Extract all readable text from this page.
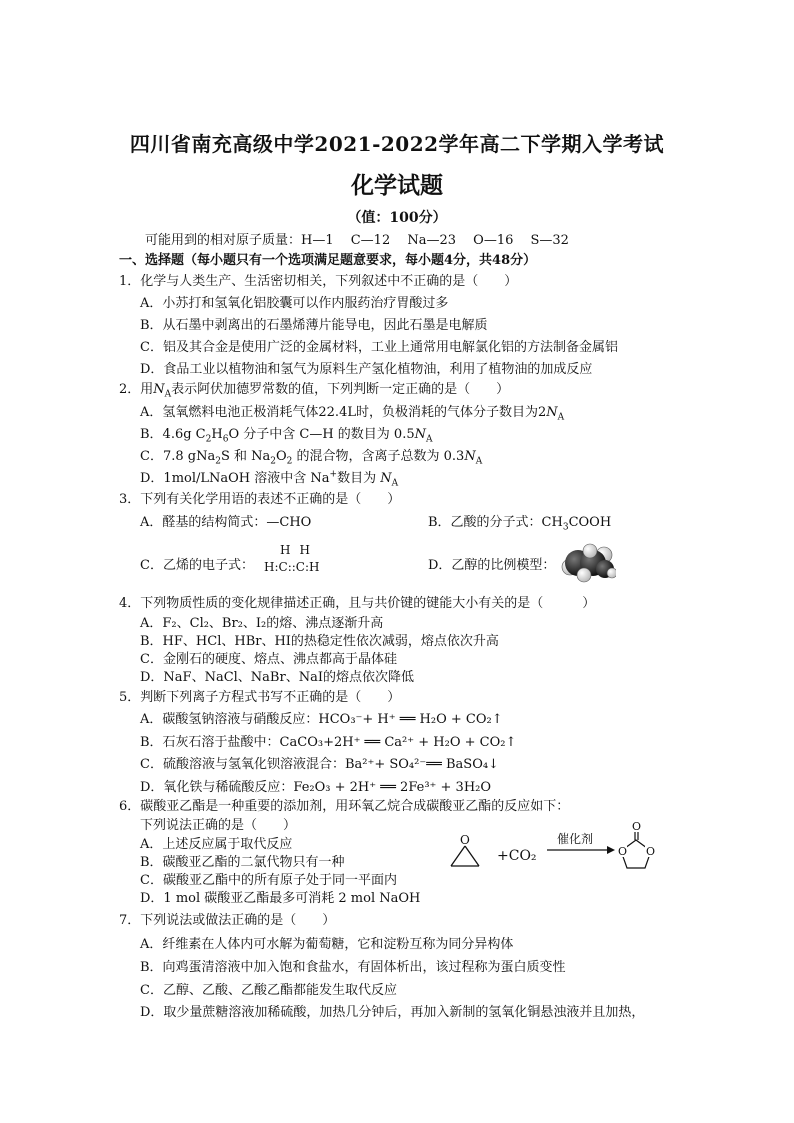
四川省南充高级中学2021-2022学年高二下学期入学考试
化学试题
（值：100分）
可能用到的相对原子质量：H—1　 C—12　 Na—23　 O—16　 S—32
一、选择题（每小题只有一个选项满足题意要求，每小题4分，共48分）
1．化学与人类生产、生活密切相关，下列叙述中不正确的是（　　）
A．小苏打和氢氧化铝胶囊可以作内服药治疗胃酸过多
B．从石墨中剥离出的石墨烯薄片能导电，因此石墨是电解质
C．铝及其合金是使用广泛的金属材料，工业上通常用电解氯化铝的方法制备金属铝
D．食品工业以植物油和氢气为原料生产氢化植物油，利用了植物油的加成反应
2．用$N_A$表示阿伏加德罗常数的值，下列判断一定正确的是（　　）
A．氢氧燃料电池正极消耗气体22.4L时，负极消耗的气体分子数目为$2N_A$
B．4.6g $C_2H_6O$ 分子中含 C—H 的数目为 $0.5N_A$
C．7.8 gNa$_2$S 和 $Na_2O_2$ 的混合物，含离子总数为 $0.3N_A$
D．1mol/LNaOH 溶液中含 Na+数目为 $N_A$
3．下列有关化学用语的表述不正确的是（　　）
A．醛基的结构简式：—CHO	B．乙酸的分子式：$CH_3COOH$
C．乙烯的电子式：
HH
H:C::C:H	D．乙醇的比例模型：
4．下列物质性质的变化规律描述正确，且与共价键的键能大小有关的是（　　　）
A．F₂、Cl₂、Br₂、I₂的熔、沸点逐渐升高
B．HF、HCl、HBr、HI的热稳定性依次减弱，熔点依次升高
C．金刚石的硬度、熔点、沸点都高于晶体硅
D．NaF、NaCl、NaBr、NaI的熔点依次降低
5．判断下列离子方程式书写不正确的是（　　）
A．碳酸氢钠溶液与硝酸反应：HCO₃⁻+ H⁺ ══ H₂O + CO₂↑
B．石灰石溶于盐酸中：CaCO₃+2H⁺ ══ Ca²⁺ + H₂O + CO₂↑
C．硫酸溶液与氢氧化钡溶液混合：Ba²⁺+ SO₄²⁻══ BaSO₄↓
D．氧化铁与稀硫酸反应：Fe₂O₃ + 2H⁺ ══ 2Fe³⁺ + 3H₂O
6．碳酸亚乙酯是一种重要的添加剂，用环氧乙烷合成碳酸亚乙酯的反应如下：
下列说法正确的是（　　）
A．上述反应属于取代反应
B．碳酸亚乙酯的二氯代物只有一种
C．碳酸亚乙酯中的所有原子处于同一平面内
D．1 mol 碳酸亚乙酯最多可消耗 2 mol NaOH
O
+CO₂
催化剂
O
O
O
7．下列说法或做法正确的是（　　）
A．纤维素在人体内可水解为葡萄糖，它和淀粉互称为同分异构体
B．向鸡蛋清溶液中加入饱和食盐水，有固体析出，该过程称为蛋白质变性
C．乙醇、乙酸、乙酸乙酯都能发生取代反应
D．取少量蔗糖溶液加稀硫酸，加热几分钟后，再加入新制的氢氧化铜悬浊液并且加热，
